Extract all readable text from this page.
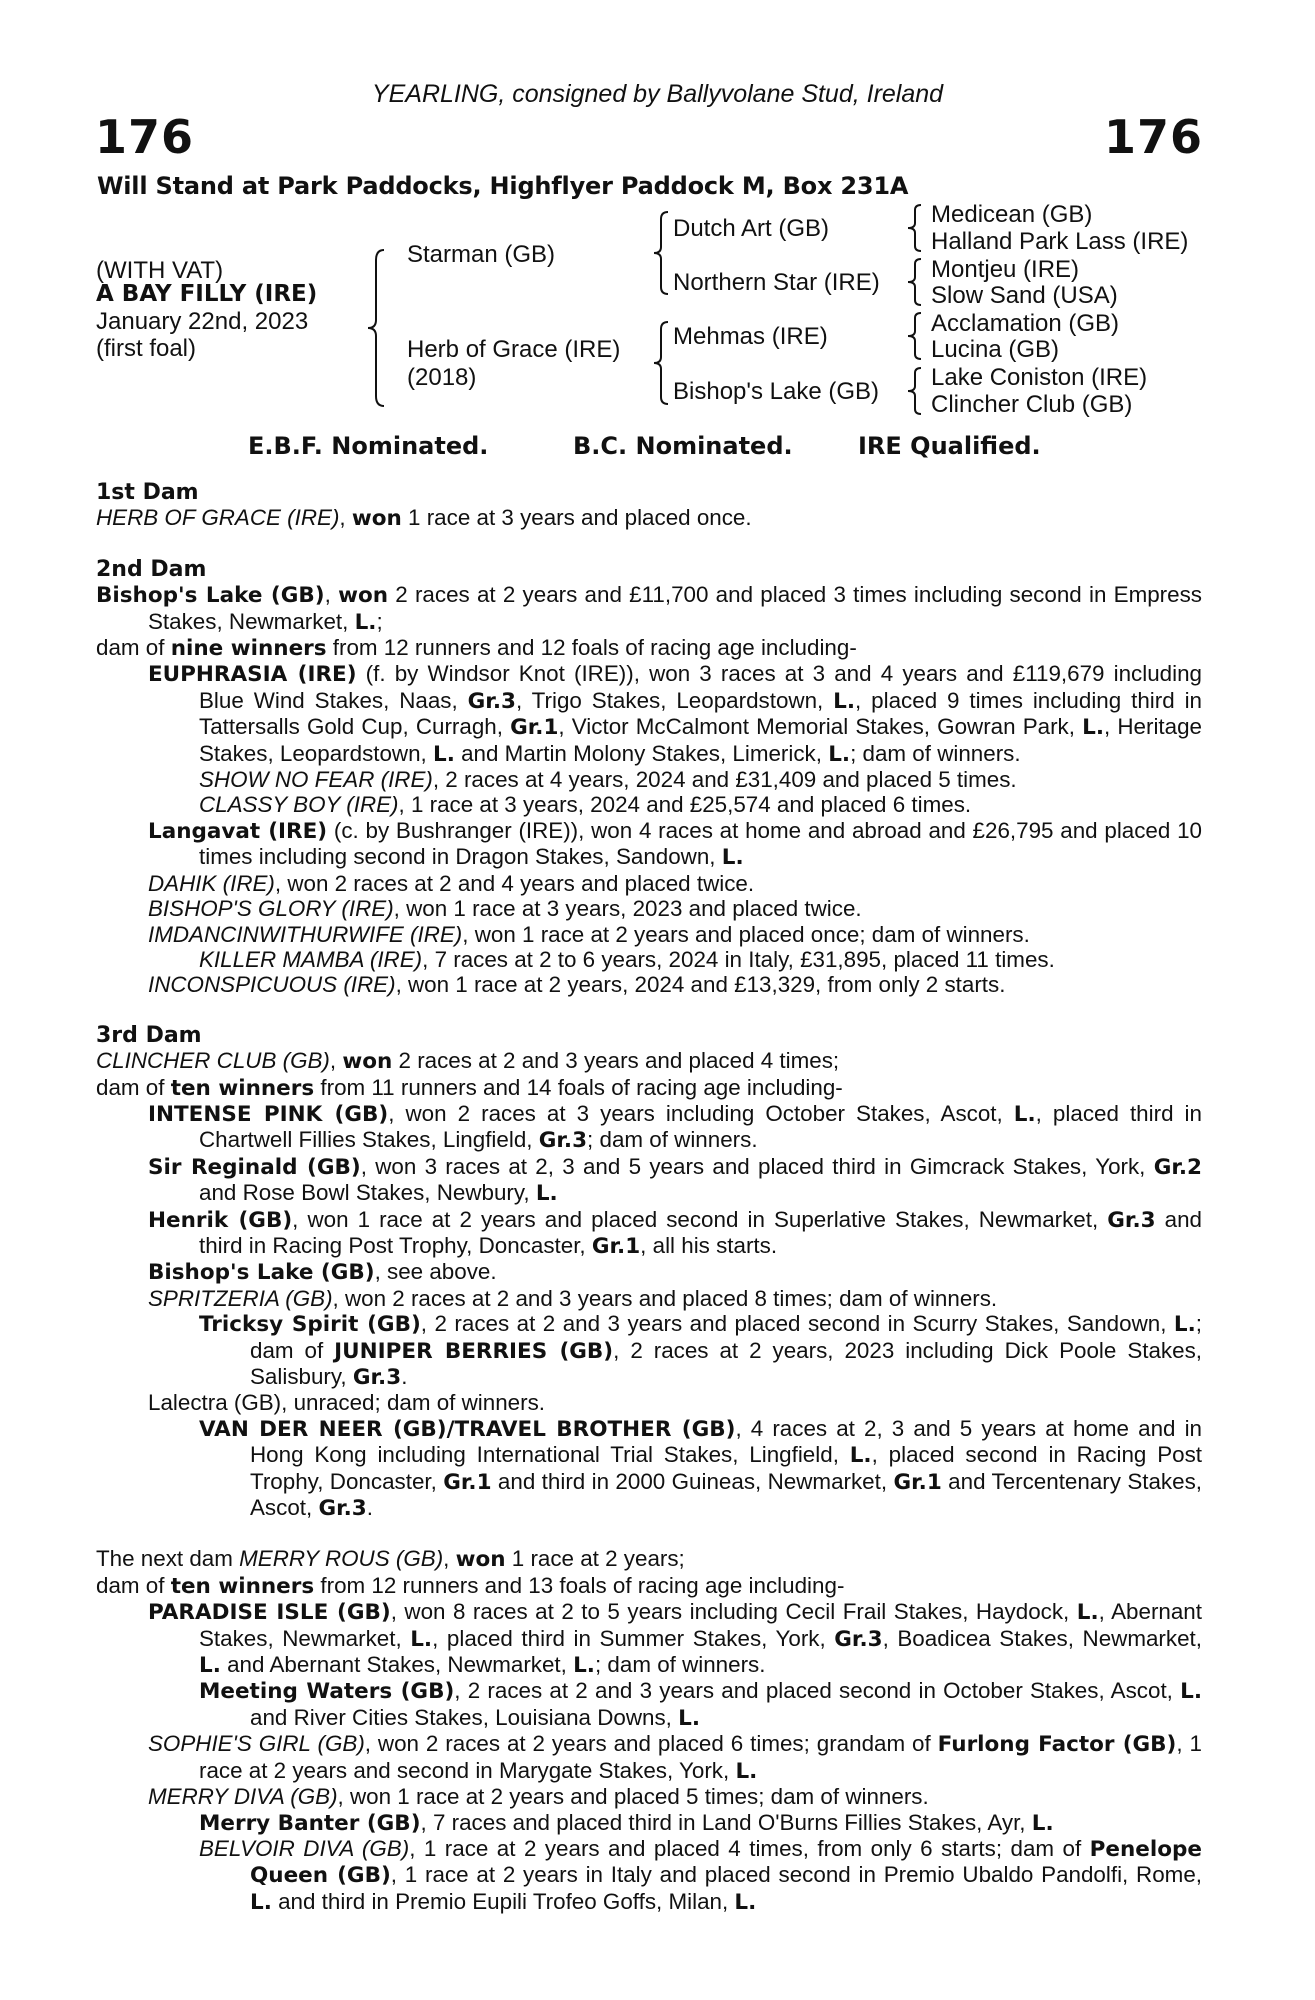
YEARLING, consigned by Ballyvolane Stud, Ireland
176	176
Will Stand at Park Paddocks, Highflyer Paddock M, Box 231A
(WITH VAT)
A BAY FILLY (IRE)
January 22nd, 2023
(first foal)
Starman (GB)
Herb of Grace (IRE)
(2018)
Dutch Art (GB)
Northern Star (IRE)
Mehmas (IRE)
Bishop's Lake (GB)
Medicean (GB)
Halland Park Lass (IRE)
Montjeu (IRE)
Slow Sand (USA)
Acclamation (GB)
Lucina (GB)
Lake Coniston (IRE)
Clincher Club (GB)
E.B.F. Nominated.	B.C. Nominated.	IRE Qualified.
1st Dam
HERB OF GRACE (IRE), won 1 race at 3 years and placed once.
2nd Dam
Bishop's Lake (GB), won 2 races at 2 years and £11,700 and placed 3 times including second in Empress Stakes, Newmarket, L.;
dam of nine winners from 12 runners and 12 foals of racing age including-
EUPHRASIA (IRE) (f. by Windsor Knot (IRE)), won 3 races at 3 and 4 years and £119,679 including Blue Wind Stakes, Naas, Gr.3, Trigo Stakes, Leopardstown, L., placed 9 times including third in Tattersalls Gold Cup, Curragh, Gr.1, Victor McCalmont Memorial Stakes, Gowran Park, L., Heritage Stakes, Leopardstown, L. and Martin Molony Stakes, Limerick, L.; dam of winners.
SHOW NO FEAR (IRE), 2 races at 4 years, 2024 and £31,409 and placed 5 times.
CLASSY BOY (IRE), 1 race at 3 years, 2024 and £25,574 and placed 6 times.
Langavat (IRE) (c. by Bushranger (IRE)), won 4 races at home and abroad and £26,795 and placed 10 times including second in Dragon Stakes, Sandown, L.
DAHIK (IRE), won 2 races at 2 and 4 years and placed twice.
BISHOP'S GLORY (IRE), won 1 race at 3 years, 2023 and placed twice.
IMDANCINWITHURWIFE (IRE), won 1 race at 2 years and placed once; dam of winners.
KILLER MAMBA (IRE), 7 races at 2 to 6 years, 2024 in Italy, £31,895, placed 11 times.
INCONSPICUOUS (IRE), won 1 race at 2 years, 2024 and £13,329, from only 2 starts.
3rd Dam
CLINCHER CLUB (GB), won 2 races at 2 and 3 years and placed 4 times;
dam of ten winners from 11 runners and 14 foals of racing age including-
INTENSE PINK (GB), won 2 races at 3 years including October Stakes, Ascot, L., placed third in Chartwell Fillies Stakes, Lingfield, Gr.3; dam of winners.
Sir Reginald (GB), won 3 races at 2, 3 and 5 years and placed third in Gimcrack Stakes, York, Gr.2 and Rose Bowl Stakes, Newbury, L.
Henrik (GB), won 1 race at 2 years and placed second in Superlative Stakes, Newmarket, Gr.3 and third in Racing Post Trophy, Doncaster, Gr.1, all his starts.
Bishop's Lake (GB), see above.
SPRITZERIA (GB), won 2 races at 2 and 3 years and placed 8 times; dam of winners.
Tricksy Spirit (GB), 2 races at 2 and 3 years and placed second in Scurry Stakes, Sandown, L.; dam of JUNIPER BERRIES (GB), 2 races at 2 years, 2023 including Dick Poole Stakes, Salisbury, Gr.3.
Lalectra (GB), unraced; dam of winners.
VAN DER NEER (GB)/TRAVEL BROTHER (GB), 4 races at 2, 3 and 5 years at home and in Hong Kong including International Trial Stakes, Lingfield, L., placed second in Racing Post Trophy, Doncaster, Gr.1 and third in 2000 Guineas, Newmarket, Gr.1 and Tercentenary Stakes, Ascot, Gr.3.
The next dam MERRY ROUS (GB), won 1 race at 2 years;
dam of ten winners from 12 runners and 13 foals of racing age including-
PARADISE ISLE (GB), won 8 races at 2 to 5 years including Cecil Frail Stakes, Haydock, L., Abernant Stakes, Newmarket, L., placed third in Summer Stakes, York, Gr.3, Boadicea Stakes, Newmarket, L. and Abernant Stakes, Newmarket, L.; dam of winners.
Meeting Waters (GB), 2 races at 2 and 3 years and placed second in October Stakes, Ascot, L. and River Cities Stakes, Louisiana Downs, L.
SOPHIE'S GIRL (GB), won 2 races at 2 years and placed 6 times; grandam of Furlong Factor (GB), 1 race at 2 years and second in Marygate Stakes, York, L.
MERRY DIVA (GB), won 1 race at 2 years and placed 5 times; dam of winners.
Merry Banter (GB), 7 races and placed third in Land O'Burns Fillies Stakes, Ayr, L.
BELVOIR DIVA (GB), 1 race at 2 years and placed 4 times, from only 6 starts; dam of Penelope Queen (GB), 1 race at 2 years in Italy and placed second in Premio Ubaldo Pandolfi, Rome, L. and third in Premio Eupili Trofeo Goffs, Milan, L.
